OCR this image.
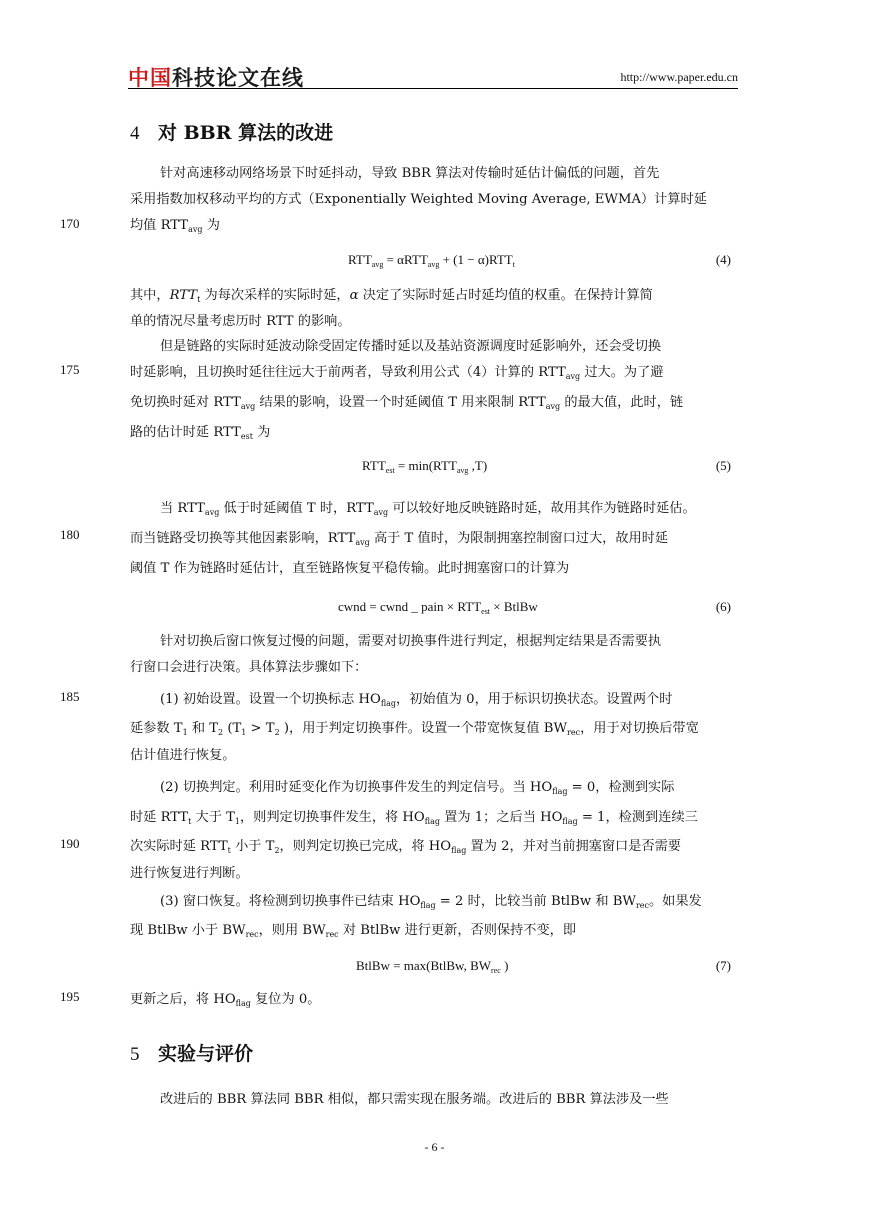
中国科技论文在线	http://www.paper.edu.cn
4 对 BBR 算法的改进
170
175
180
185
190
195
针对高速移动网络场景下时延抖动，导致 BBR 算法对传输时延估计偏低的问题，首先
采用指数加权移动平均的方式（Exponentially Weighted Moving Average, EWMA）计算时延
均值 $RTT_{avg}$ 为
$RTT_{avg} = \alpha RTT_{avg} + (1 - \alpha)RTT_t$	(4)
其中，$RTT_t$ 为每次采样的实际时延，α 决定了实际时延占时延均值的权重。在保持计算简
单的情况尽量考虑历时 RTT 的影响。
但是链路的实际时延波动除受固定传播时延以及基站资源调度时延影响外，还会受切换
时延影响，且切换时延往往远大于前两者，导致利用公式（4）计算的 $RTT_{avg}$ 过大。为了避
免切换时延对 $RTT_{avg}$ 结果的影响，设置一个时延阈值 T 用来限制 $RTT_{avg}$ 的最大值，此时，链
路的估计时延 $RTT_{est}$ 为
$RTT_{est} = \min(RTT_{avg}$ ,T)	(5)
当 $RTT_{avg}$ 低于时延阈值 T 时，$RTT_{avg}$ 可以较好地反映链路时延，故用其作为链路时延估。
而当链路受切换等其他因素影响，$RTT_{avg}$ 高于 T 值时，为限制拥塞控制窗口过大，故用时延
阈值 T 作为链路时延估计，直至链路恢复平稳传输。此时拥塞窗口的计算为
cwnd = cwnd _ pain × $RTT_{est}$ × BtlBw	(6)
针对切换后窗口恢复过慢的问题，需要对切换事件进行判定，根据判定结果是否需要执
行窗口会进行决策。具体算法步骤如下：
(1) 初始设置。设置一个切换标志 $HO_{flag}$，初始值为 0，用于标识切换状态。设置两个时
延参数 $T_1$ 和 $T_2$ ($T_1 > T_2$ )，用于判定切换事件。设置一个带宽恢复值 $BW_{rec}$，用于对切换后带宽
估计值进行恢复。
(2) 切换判定。利用时延变化作为切换事件发生的判定信号。当 $HO_{flag} = 0$，检测到实际
时延 $RTT_t$ 大于 $T_1$，则判定切换事件发生，将 $HO_{flag}$ 置为 1；之后当 $HO_{flag} = 1$，检测到连续三
次实际时延 $RTT_t$ 小于 $T_2$，则判定切换已完成，将 $HO_{flag}$ 置为 2，并对当前拥塞窗口是否需要
进行恢复进行判断。
(3) 窗口恢复。将检测到切换事件已结束 $HO_{flag} = 2$ 时，比较当前 BtlBw 和 $BW_{rec}$。如果发
现 BtlBw 小于 $BW_{rec}$，则用 $BW_{rec}$ 对 BtlBw 进行更新，否则保持不变，即
BtlBw = max(BtlBw, $BW_{rec}$ )	(7)
更新之后，将 $HO_{flag}$ 复位为 0。
5 实验与评价
改进后的 BBR 算法同 BBR 相似，都只需实现在服务端。改进后的 BBR 算法涉及一些
- 6 -
